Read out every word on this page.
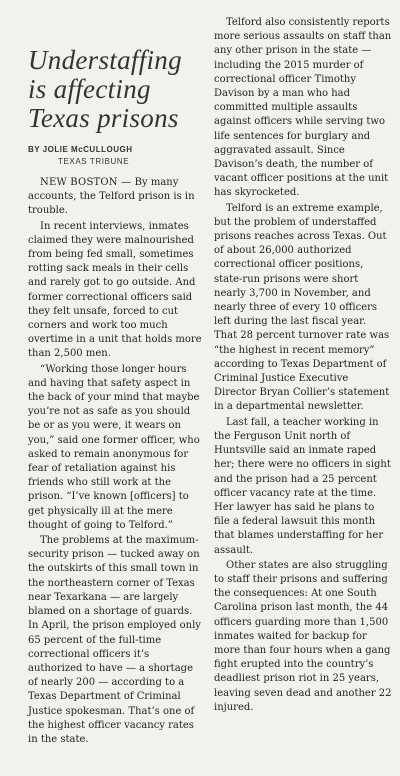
Understaffing
is affecting
Texas prisons
BY JOLIE McCULLOUGH
TEXAS TRIBUNE

NEW BOSTON — By many accounts, the Telford prison is in trouble.

In recent interviews, inmates claimed they were malnourished from being fed small, sometimes rotting sack meals in their cells and rarely got to go outside. And former correctional officers said they felt unsafe, forced to cut corners and work too much overtime in a unit that holds more than 2,500 men.

“Working those longer hours and having that safety aspect in the back of your mind that maybe you’re not as safe as you should be or as you were, it wears on you,” said one former officer, who asked to remain anonymous for fear of retaliation against his friends who still work at the prison. “I’ve known [officers] to get physically ill at the mere thought of going to Telford.”

The problems at the maximum-security prison — tucked away on the outskirts of this small town in the northeastern corner of Texas near Texarkana — are largely blamed on a shortage of guards. In April, the prison employed only 65 percent of the full-time correctional officers it’s authorized to have — a shortage of nearly 200 — according to a Texas Department of Criminal Justice spokesman. That’s one of the highest officer vacancy rates in the state.

Telford also consistently reports more serious assaults on staff than any other prison in the state — including the 2015 murder of correctional officer Timothy Davison by a man who had committed multiple assaults against officers while serving two life sentences for burglary and aggravated assault. Since Davison’s death, the number of vacant officer positions at the unit has skyrocketed.

Telford is an extreme example, but the problem of understaffed prisons reaches across Texas. Out of about 26,000 authorized correctional officer positions, state-run prisons were short nearly 3,700 in November, and nearly three of every 10 officers left during the last fiscal year. That 28 percent turnover rate was “the highest in recent memory” according to Texas Department of Criminal Justice Executive Director Bryan Collier’s statement in a departmental newsletter.

Last fall, a teacher working in the Ferguson Unit north of Huntsville said an inmate raped her; there were no officers in sight and the prison had a 25 percent officer vacancy rate at the time. Her lawyer has said he plans to file a federal lawsuit this month that blames understaffing for her assault.

Other states are also struggling to staff their prisons and suffering the consequences: At one South Carolina prison last month, the 44 officers guarding more than 1,500 inmates waited for backup for more than four hours when a gang fight erupted into the country’s deadliest prison riot in 25 years, leaving seven dead and another 22 injured.
